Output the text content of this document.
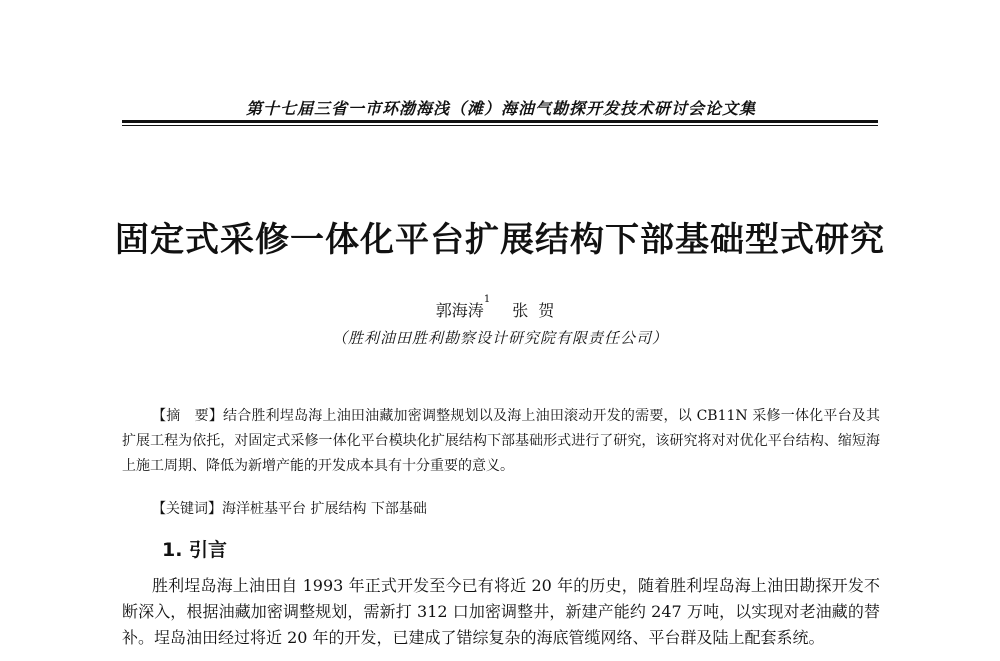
第十七届三省一市环渤海浅（滩）海油气勘探开发技术研讨会论文集
固定式采修一体化平台扩展结构下部基础型式研究
郭海涛$^1$张贺
（胜利油田胜利勘察设计研究院有限责任公司）
【摘　要】结合胜利埕岛海上油田油藏加密调整规划以及海上油田滚动开发的需要，以 CB11N 采修一体化平台及其扩展工程为依托，对固定式采修一体化平台模块化扩展结构下部基础形式进行了研究，该研究将对对优化平台结构、缩短海上施工周期、降低为新增产能的开发成本具有十分重要的意义。
【关键词】海洋桩基平台 扩展结构 下部基础
1. 引言
胜利埕岛海上油田自 1993 年正式开发至今已有将近 20 年的历史，随着胜利埕岛海上油田勘探开发不断深入，根据油藏加密调整规划，需新打 312 口加密调整井，新建产能约 247 万吨，以实现对老油藏的替补。埕岛油田经过将近 20 年的开发，已建成了错综复杂的海底管缆网络、平台群及陆上配套系统。
